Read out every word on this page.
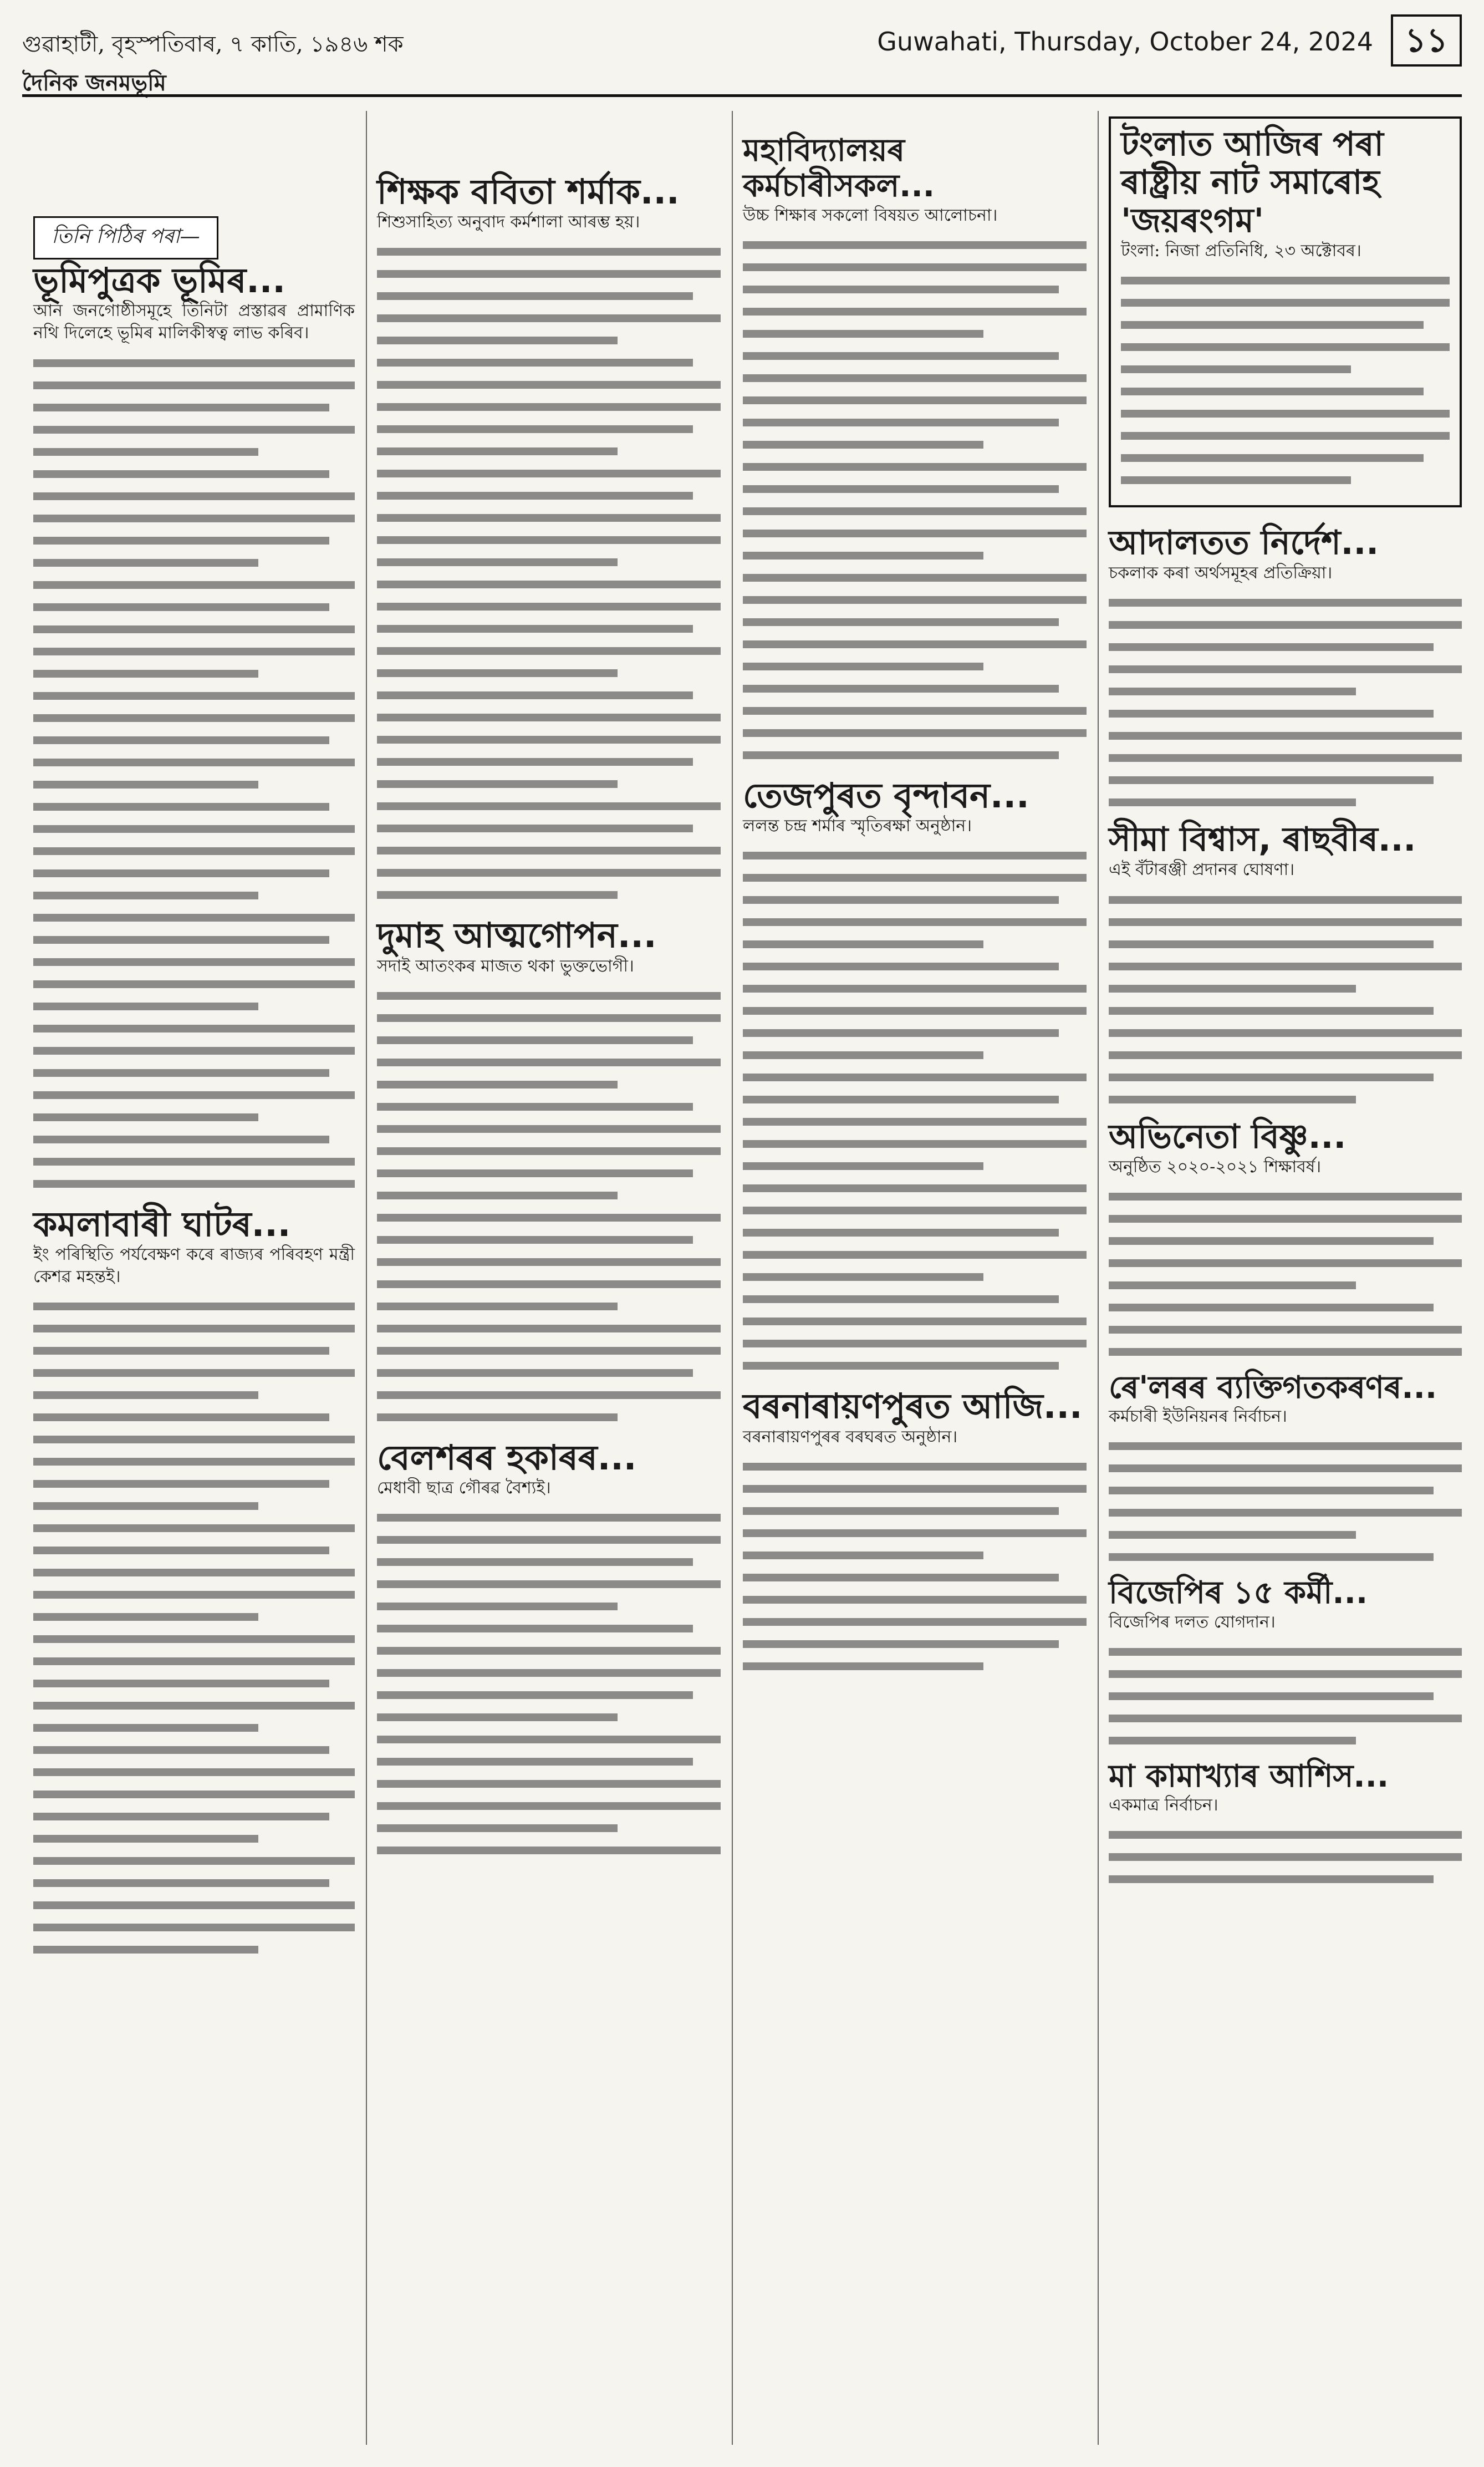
গুৱাহাটী, বৃহস্পতিবাৰ, ৭ কাতি, ১৯৪৬ শক	Guwahati, Thursday, October 24, 2024 ১১
দৈনিক জনমভূমি
তিনি পিঠিৰ পৰা—
ভূমিপুত্ৰক ভূমিৰ...
আন জনগোষ্ঠীসমূহে তিনিটা প্ৰস্তাৱৰ প্ৰামাণিক নথি দিলেহে ভূমিৰ মালিকীস্বত্ব লাভ কৰিব।
কমলাবাৰী ঘাটৰ...
ইং পৰিস্থিতি পৰ্যবেক্ষণ কৰে ৰাজ্যৰ পৰিবহণ মন্ত্ৰী কেশৱ মহন্তই।
শিক্ষক ববিতা শৰ্মাক...
শিশুসাহিত্য অনুবাদ কৰ্মশালা আৰম্ভ হয়।
দুমাহ আত্মগোপন...
সদাই আতংকৰ মাজত থকা ভুক্তভোগী।
বেলশৰৰ হকাৰৰ...
মেধাবী ছাত্ৰ গৌৰৱ বৈশ্যই।
মহাবিদ্যালয়ৰ কৰ্মচাৰীসকল...
উচ্চ শিক্ষাৰ সকলো বিষয়ত আলোচনা।
তেজপুৰত বৃন্দাবন...
ললন্ত চন্দ্ৰ শৰ্মাৰ স্মৃতিৰক্ষা অনুষ্ঠান।
বৰনাৰায়ণপুৰত আজি...
বৰনাৰায়ণপুৰৰ বৰঘৰত অনুষ্ঠান।
টংলাত আজিৰ পৰা ৰাষ্ট্ৰীয় নাট সমাৰোহ 'জয়ৰংগম'
টংলা: নিজা প্ৰতিনিধি, ২৩ অক্টোবৰ।
আদালতত নিৰ্দেশ...
চকলাক কৰা অৰ্থসমূহৰ প্ৰতিক্ৰিয়া।
সীমা বিশ্বাস, ৰাছবীৰ...
এই বঁটাৰঞ্জী প্ৰদানৰ ঘোষণা।
অভিনেতা বিষ্ণু...
অনুষ্ঠিত ২০২০-২০২১ শিক্ষাবৰ্ষ।
ৰে'লৰৰ ব্যক্তিগতকৰণৰ...
কৰ্মচাৰী ইউনিয়নৰ নিৰ্বাচন।
বিজেপিৰ ১৫ কৰ্মী...
বিজেপিৰ দলত যোগদান।
মা কামাখ্যাৰ আশিস...
একমাত্ৰ নিৰ্বাচন।
